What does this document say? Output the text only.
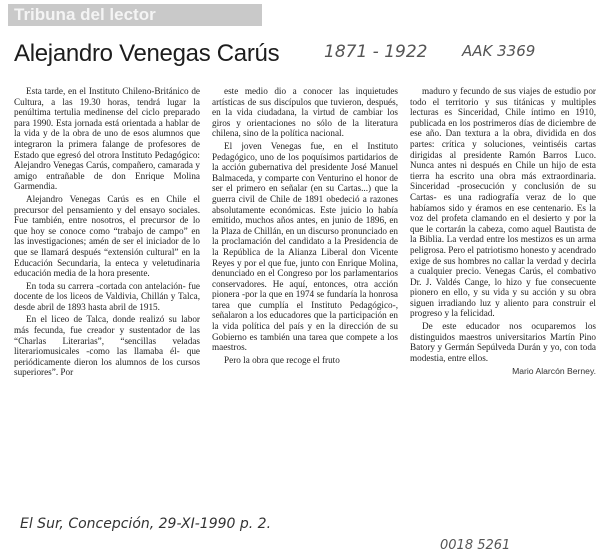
Tribuna del lector
Alejandro Venegas Carús	1871 - 1922 AAK 3369

Esta tarde, en el Instituto Chileno-Británico de Cultura, a las 19.30 horas, tendrá lugar la penúltima tertulia medinense del ciclo preparado para 1990. Esta jornada está orientada a hablar de la vida y de la obra de uno de esos alumnos que integraron la primera falange de profesores de Estado que egresó del otrora Instituto Pedagógico: Alejandro Venegas Carús, compañero, camarada y amigo entrañable de don Enrique Molina Garmendia.

Alejandro Venegas Carús es en Chile el precursor del pensamiento y del ensayo sociales. Fue también, entre nosotros, el precursor de lo que hoy se conoce como “trabajo de campo” en las investigaciones; amén de ser el iniciador de lo que se llamará después “extensión cultural” en la Educación Secundaria, la enteca y veletudinaria educación media de la hora presente.

En toda su carrera -cortada con antelación- fue docente de los liceos de Valdivia, Chillán y Talca, desde abril de 1893 hasta abril de 1915.

En el liceo de Talca, donde realizó su labor más fecunda, fue creador y sustentador de las “Charlas Literarias”, “sencillas veladas literariomusicales -como las llamaba él- que periódicamente dieron los alumnos de los cursos superiores”. Por

este medio dio a conocer las inquietudes artísticas de sus discípulos que tuvieron, después, en la vida ciudadana, la virtud de cambiar los giros y orientaciones no sólo de la literatura chilena, sino de la política nacional.

El joven Venegas fue, en el Instituto Pedagógico, uno de los poquísimos partidarios de la acción gubernativa del presidente José Manuel Balmaceda, y comparte con Venturino el honor de ser el primero en señalar (en su Cartas...) que la guerra civil de Chile de 1891 obedeció a razones absolutamente económicas. Este juicio lo había emitido, muchos años antes, en junio de 1896, en la Plaza de Chillán, en un discurso pronunciado en la proclamación del candidato a la Presidencia de la República de la Alianza Liberal don Vicente Reyes y por el que fue, junto con Enrique Molina, denunciado en el Congreso por los parlamentarios conservadores. He aquí, entonces, otra acción pionera -por la que en 1974 se fundaría la honrosa tarea que cumplía el Instituto Pedagógico-, señalaron a los educadores que la participación en la vida política del país y en la dirección de su Gobierno es también una tarea que compete a los maestros.

Pero la obra que recoge el fruto

maduro y fecundo de sus viajes de estudio por todo el territorio y sus titánicas y multiples lecturas es Sinceridad, Chile íntimo en 1910, publicada en los postrimeros días de diciembre de ese año. Dan textura a la obra, dividida en dos partes: crítica y soluciones, veintiséis cartas dirigidas al presidente Ramón Barros Luco. Nunca antes ni después en Chile un hijo de esta tierra ha escrito una obra más extraordinaria. Sinceridad -prosecución y conclusión de su Cartas- es una radiografía veraz de lo que habíamos sido y éramos en ese centenario. Es la voz del profeta clamando en el desierto y por la que le cortarán la cabeza, como aquel Bautista de la Biblia. La verdad entre los mestizos es un arma peligrosa. Pero el patriotismo honesto y acendrado exige de sus hombres no callar la verdad y decirla a cualquier precio. Venegas Carús, el combativo Dr. J. Valdés Cange, lo hizo y fue consecuente pionero en ello, y su vida y su acción y su obra siguen irradiando luz y aliento para construir el progreso y la felicidad.

De este educador nos ocuparemos los distinguidos maestros universitarios Martín Pino Batory y Germán Sepúlveda Durán y yo, con toda modestia, entre ellos.

Mario Alarcón Berney.
El Sur, Concepción, 29-XI-1990 p. 2.
0018 5261
